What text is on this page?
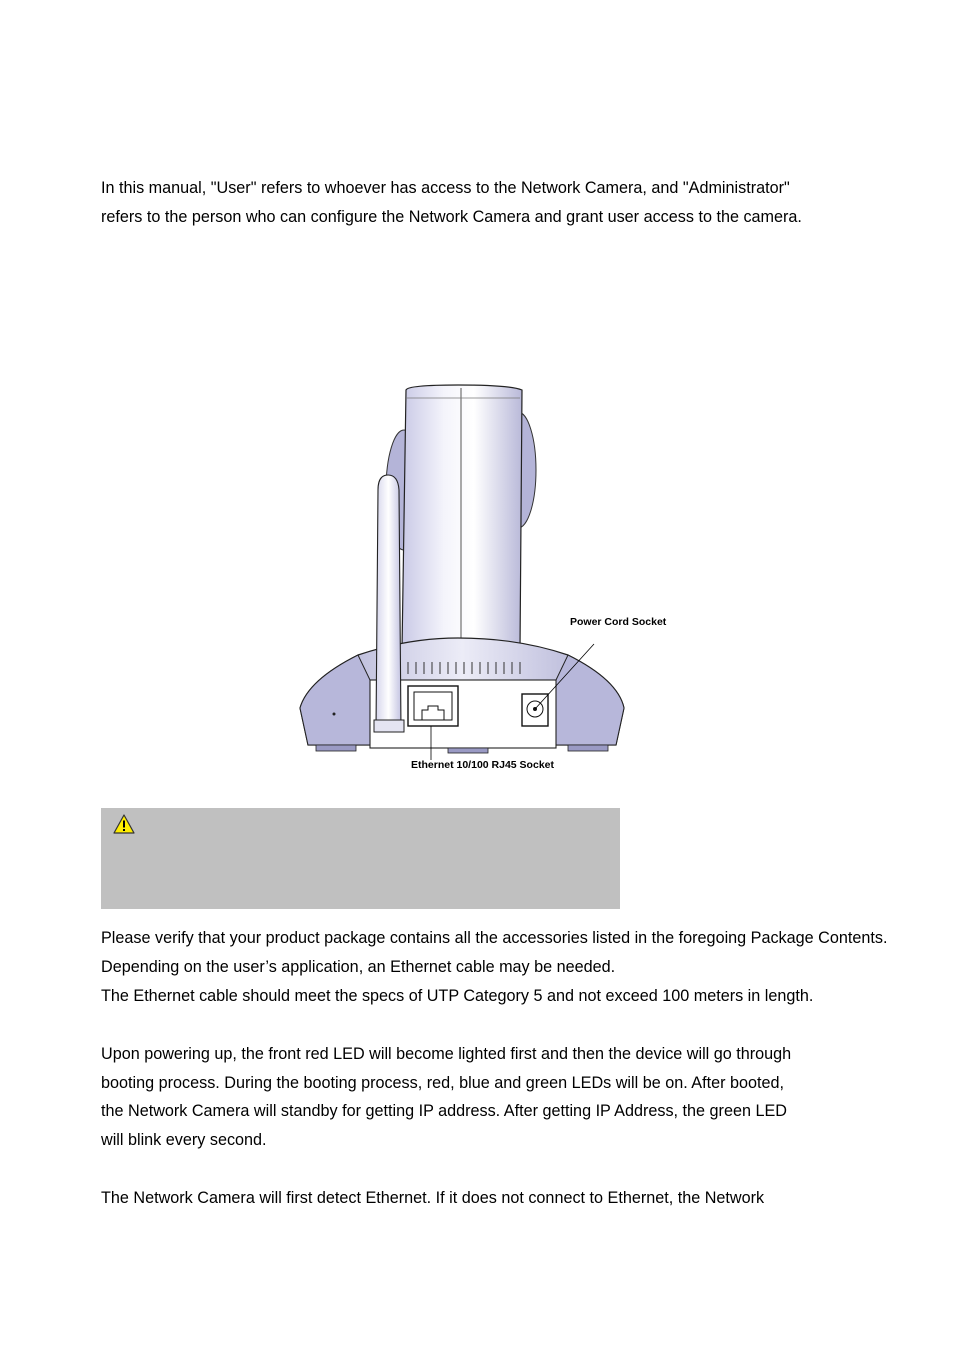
In this manual, "User" refers to whoever has access to the Network Camera, and "Administrator"
refers to the person who can configure the Network Camera and grant user access to the camera.
Power Cord Socket
Ethernet 10/100 RJ45 Socket
Please verify that your product package contains all the accessories listed in the foregoing Package Contents.
Depending on the user’s application, an Ethernet cable may be needed.
The Ethernet cable should meet the specs of UTP Category 5 and not exceed 100 meters in length.
Upon powering up, the front red LED will become lighted first and then the device will go through
booting process. During the booting process, red, blue and green LEDs will be on. After booted,
the Network Camera will standby for getting IP address. After getting IP Address, the green LED
will blink every second.
The Network Camera will first detect Ethernet. If it does not connect to Ethernet, the Network
